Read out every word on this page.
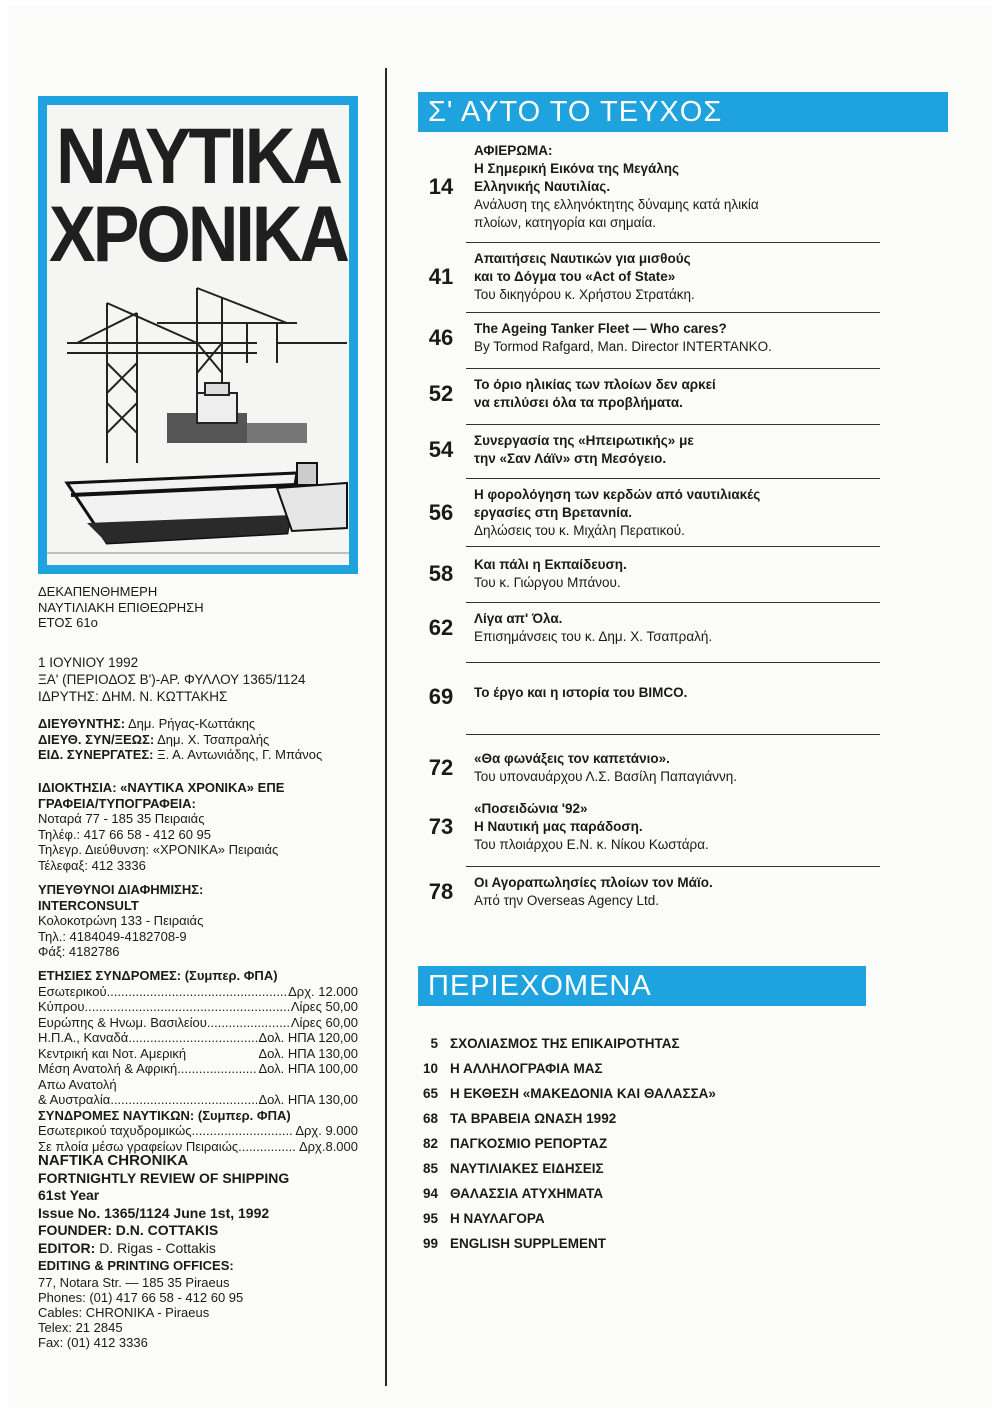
ΝΑΥΤΙΚΑ
ΧΡΟΝΙΚΑ
ΔΕΚΑΠΕΝΘΗΜΕΡΗ
ΝΑΥΤΙΛΙΑΚΗ ΕΠΙΘΕΩΡΗΣΗ
ΕΤΟΣ 61ο
1 ΙΟΥΝΙΟΥ 1992
ΞΑ' (ΠΕΡΙΟΔΟΣ Β')-ΑΡ. ΦΥΛΛΟΥ 1365/1124
ΙΔΡΥΤΗΣ: ΔΗΜ. Ν. ΚΩΤΤΑΚΗΣ
ΔΙΕΥΘΥΝΤΗΣ: Δημ. Ρήγας-Κωττάκης
ΔΙΕΥΘ. ΣΥΝ/ΞΕΩΣ: Δημ. Χ. Τσαπραλής
ΕΙΔ. ΣΥΝΕΡΓΑΤΕΣ: Ξ. Α. Αντωνιάδης, Γ. Μπάνος
ΙΔΙΟΚΤΗΣΙΑ: «ΝΑΥΤΙΚΑ ΧΡΟΝΙΚΑ» ΕΠΕ
ΓΡΑΦΕΙΑ/ΤΥΠΟΓΡΑΦΕΙΑ:
Νοταρά 77 - 185 35 Πειραιάς
Τηλέφ.: 417 66 58 - 412 60 95
Τηλεγρ. Διεύθυνση: «ΧΡΟΝΙΚΑ» Πειραιάς
Τέλεφαξ: 412 3336
ΥΠΕΥΘΥΝΟΙ ΔΙΑΦΗΜΙΣΗΣ:
INTERCONSULT
Κολοκοτρώνη 133 - Πειραιάς
Τηλ.: 4184049-4182708-9
Φάξ: 4182786
ΕΤΗΣΙΕΣ ΣΥΝΔΡΟΜΕΣ: (Συμπερ. ΦΠΑ)
Εσωτερικού .....	Δρχ. 12.000
Κύπρου .....	Λίρες 50,00
Ευρώπης & Ηνωμ. Βασιλείου .....	Λίρες 60,00
Η.Π.Α., Καναδά .....	Δολ. ΗΠΑ 120,00
Κεντρική και Νοτ. Αμερική	Δολ. ΗΠΑ 130,00
Μέση Ανατολή & Αφρική .....	Δολ. ΗΠΑ 100,00
Απω Ανατολή
& Αυστραλία .....	Δολ. ΗΠΑ 130,00
ΣΥΝΔΡΟΜΕΣ ΝΑΥΤΙΚΩΝ: (Συμπερ. ΦΠΑ)
Εσωτερικού ταχυδρομικώς .....	Δρχ. 9.000
Σε πλοία μέσω γραφείων Πειραιώς .....	Δρχ.8.000
NAFTIKA CHRONIKA
FORTNIGHTLY REVIEW OF SHIPPING
61st Year
Issue No. 1365/1124 June 1st, 1992
FOUNDER: D.N. COTTAKIS
EDITOR: D. Rigas - Cottakis
EDITING & PRINTING OFFICES:
77, Notara Str. — 185 35 Piraeus
Phones: (01) 417 66 58 - 412 60 95
Cables: CHRONIKA - Piraeus
Telex: 21 2845
Fax: (01) 412 3336
Σ' ΑΥΤΟ ΤΟ ΤΕΥΧΟΣ
14
ΑΦΙΕΡΩΜΑ:
Η Σημερική Εικόνα της Μεγάλης
Ελληνικής Ναυτιλίας.
Ανάλυση της ελληνόκτητης δύναμης κατά ηλικία
πλοίων, κατηγορία και σημαία.
41
Απαιτήσεις Ναυτικών για μισθούς
και το Δόγμα του «Act of State»
Του δικηγόρου κ. Χρήστου Στρατάκη.
46	The Ageing Tanker Fleet — Who cares?
By Tormod Rafgard, Man. Director INTERTANKO.
52	Το όριο ηλικίας των πλοίων δεν αρκεί
να επιλύσει όλα τα προβλήματα.
54	Συνεργασία της «Ηπειρωτικής» με
την «Σαν Λάϊν» στη Μεσόγειο.
56
Η φορολόγηση των κερδών από ναυτιλιακές
εργασίες στη Βρετανnία.
Δηλώσεις του κ. Μιχάλη Περατικού.
58	Και πάλι η Εκπαίδευση.
Του κ. Γιώργου Μπάνου.
62	Λίγα απ' Όλα.
Επισημάνσεις του κ. Δημ. Χ. Τσαπραλή.
69	Το έργο και η ιστορία του BIMCO.
72	«Θα φωνάξεις τον καπετάνιο».
Του υποναυάρχου Λ.Σ. Βασίλη Παπαγιάννη.
73
«Ποσειδώνια '92»
Η Ναυτική μας παράδοση.
Του πλοιάρχου Ε.Ν. κ. Νίκου Κωστάρα.
78	Οι Αγοραπωλησίες πλοίων τον Μάϊο.
Από την Overseas Agency Ltd.
ΠΕΡΙΕΧΟΜΕΝΑ
5 ΣΧΟΛΙΑΣΜΟΣ ΤΗΣ ΕΠΙΚΑΙΡΟΤΗΤΑΣ
10 Η ΑΛΛΗΛΟΓΡΑΦΙΑ ΜΑΣ
65 Η ΕΚΘΕΣΗ «ΜΑΚΕΔΟΝΙΑ ΚΑΙ ΘΑΛΑΣΣΑ»
68 ΤΑ ΒΡΑΒΕΙΑ ΩΝΑΣΗ 1992
82 ΠΑΓΚΟΣΜΙΟ ΡΕΠΟΡΤΑΖ
85 ΝΑΥΤΙΛΙΑΚΕΣ ΕΙΔΗΣΕΙΣ
94 ΘΑΛΑΣΣΙΑ ΑΤΥΧΗΜΑΤΑ
95 Η ΝΑΥΛΑΓΟΡΑ
99 ENGLISH SUPPLEMENT
